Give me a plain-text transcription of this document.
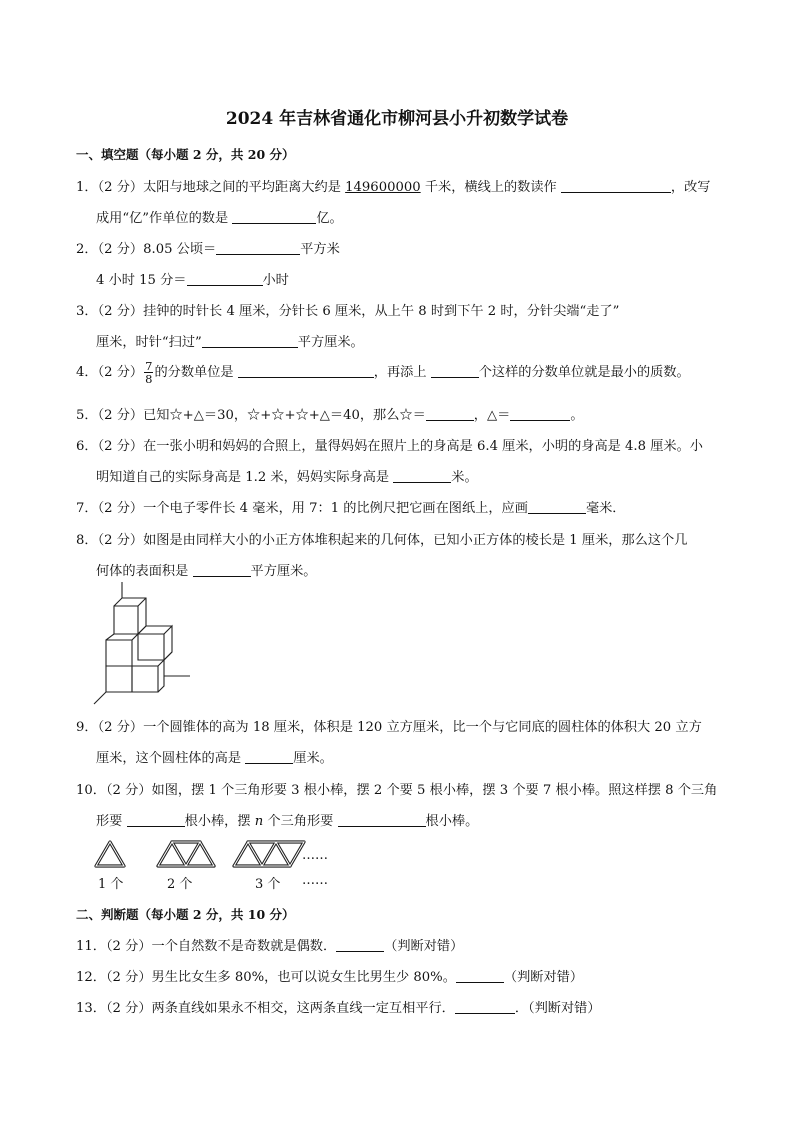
2024 年吉林省通化市柳河县小升初数学试卷
一、填空题（每小题 2 分，共 20 分）
1．（2 分）太阳与地球之间的平均距离大约是 149600000 千米，横线上的数读作	，改写
成用“亿”作单位的数是	亿。
2．（2 分）8.05 公顷＝	平方米
4 小时 15 分＝	小时
3．（2 分）挂钟的时针长 4 厘米，分针长 6 厘米，从上午 8 时到下午 2 时，分针尖端“走了”
厘米，时针“扫过”	平方厘米。
4．（2 分） $\frac{7}{8}$ 的分数单位是	，再添上	个这样的分数单位就是最小的质数。
5．（2 分）已知☆+△＝30，☆+☆+☆+△＝40，那么☆＝	，△＝	。
6．（2 分）在一张小明和妈妈的合照上，量得妈妈在照片上的身高是 6.4 厘米，小明的身高是 4.8 厘米。小
明知道自己的实际身高是 1.2 米，妈妈实际身高是	米。
7．（2 分）一个电子零件长 4 毫米，用 7：1 的比例尺把它画在图纸上，应画	毫米．
8．（2 分）如图是由同样大小的小正方体堆积起来的几何体，已知小正方体的棱长是 1 厘米，那么这个几
何体的表面积是	平方厘米。
9．（2 分）一个圆锥体的高为 18 厘米，体积是 120 立方厘米，比一个与它同底的圆柱体的体积大 20 立方
厘米，这个圆柱体的高是	厘米。
10．（2 分）如图，摆 1 个三角形要 3 根小棒，摆 2 个要 5 根小棒，摆 3 个要 7 根小棒。照这样摆 8 个三角
形要	根小棒，摆 n 个三角形要	根小棒。
……
1 个	2 个	3 个 ……
二、判断题（每小题 2 分，共 10 分）
11．（2 分）一个自然数不是奇数就是偶数．	（判断对错）
12．（2 分）男生比女生多 80%，也可以说女生比男生少 80%。	（判断对错）
13．（2 分）两条直线如果永不相交，这两条直线一定互相平行．	．（判断对错）
